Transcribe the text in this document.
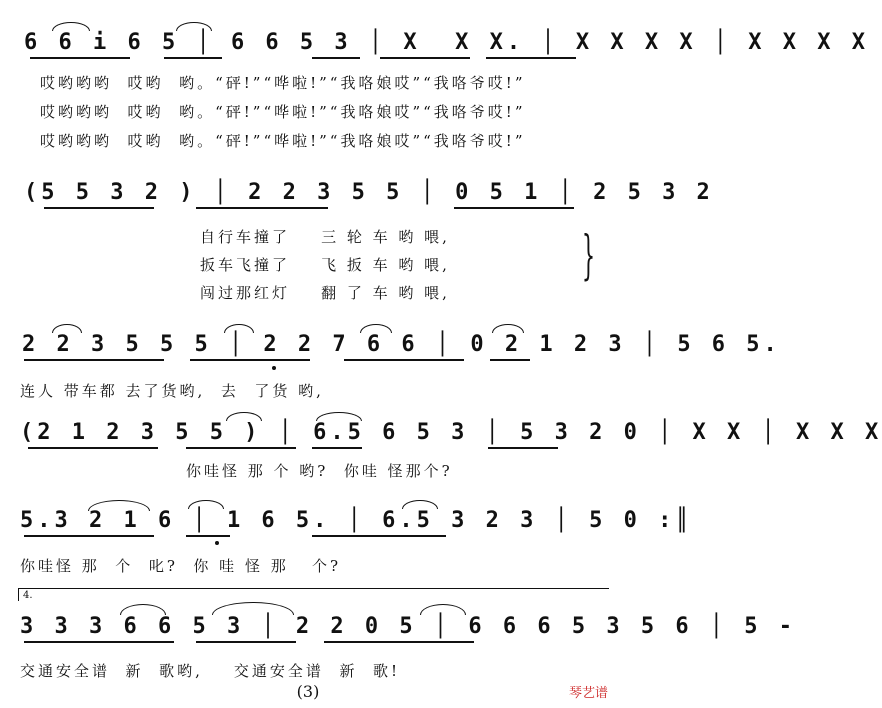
6 6 i 6 5 │ 6 6 5 3 │ X  X X. │ X X X X │ X X X X
哎哟哟哟  哎哟  哟。“砰!”“哗啦!”“我咯娘哎”“我咯爷哎!”
哎哟哟哟  哎哟  哟。“砰!”“哗啦!”“我咯娘哎”“我咯爷哎!”
哎哟哟哟  哎哟  哟。“砰!”“哗啦!”“我咯娘哎”“我咯爷哎!”
(5 5 3 2 ) │ 2 2 3 5 5 │ 0 5 1 │ 2 5 3 2
自行车撞了    三 轮 车 哟 喂,
扳车飞撞了    飞 扳 车 哟 喂,
闯过那红灯    翻 了 车 哟 喂,
}
2 2 3 5 5 5 │ 2 2 7 6 6 │ 0 2 1 2 3 │ 5 6 5.
连人 带车都 去了货哟,  去  了货 哟,
(2 1 2 3 5 5 ) │ 6.5 6 5 3 │ 5 3 2 0 │ X X │ X X X
你哇怪 那 个 哟?  你哇 怪那个?
5.3 2 1 6 │ 1 6 5. │ 6.5 3 2 3 │ 5 0 :║
你哇怪 那  个  叱?  你 哇 怪 那   个?
4.
3 3 3 6 6 5 3 │ 2 2 0 5 │ 6 6 6 5 3 5 6 │ 5 -
交通安全谱  新  歌哟,    交通安全谱  新  歌!
(3)	琴艺谱
